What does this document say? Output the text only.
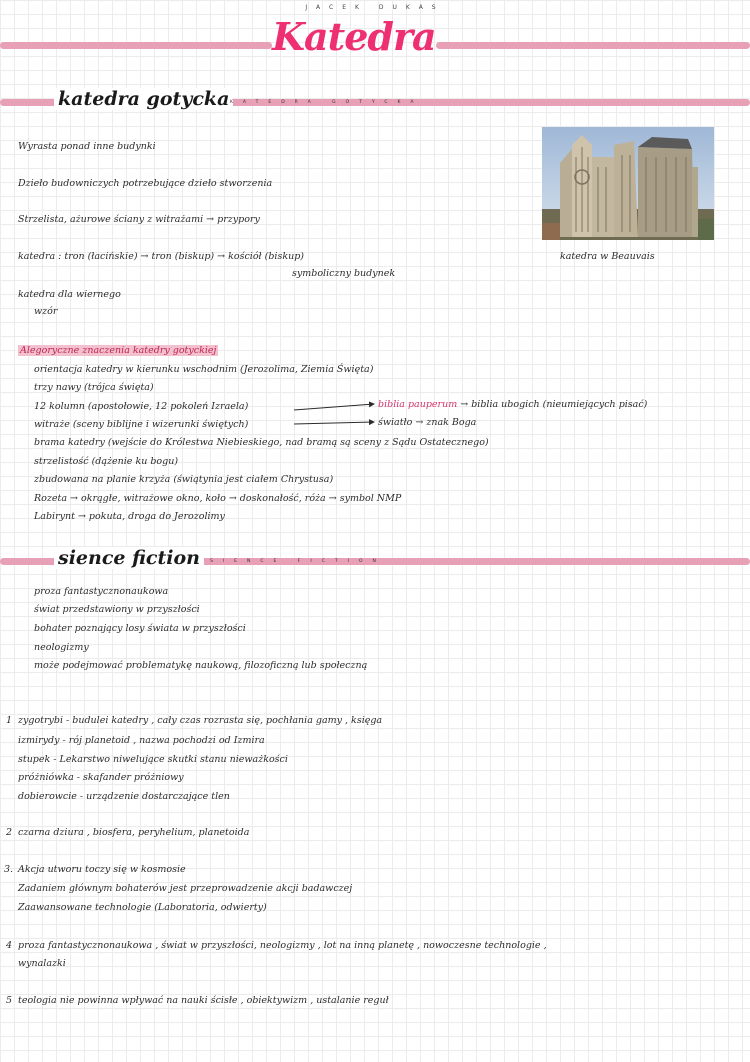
JACEK DUKAS
Katedra
katedra gotycka KATEDRA GOTYCKA
Wyrasta ponad inne budynki
Dzieło budowniczych potrzebujące dzieło stworzenia
Strzelista, ażurowe ściany z witrażami → przypory
katedra : tron (łacińskie) → tron (biskup) → kościół (biskup)
symboliczny budynek
katedra dla wiernego
wzór
katedra w Beauvais
Alegoryczne znaczenia katedry gotyckiej
orientacja katedry w kierunku wschodnim (Jerozolima, Ziemia Święta)
trzy nawy (trójca święta)
12 kolumn (apostołowie, 12 pokoleń Izraela)
witraże (sceny biblijne i wizerunki świętych)
brama katedry (wejście do Królestwa Niebieskiego, nad bramą są sceny z Sądu Ostatecznego)
strzelistość (dążenie ku bogu)
zbudowana na planie krzyża (świątynia jest ciałem Chrystusa)
Rozeta → okrągłe, witrażowe okno, koło → doskonałość, róża → symbol NMP
Labirynt → pokuta, droga do Jerozolimy
biblia pauperum → biblia ubogich (nieumiejących pisać)
światło → znak Boga
sience fiction	SIENCE FICTION
proza fantastycznonaukowa
świat przedstawiony w przyszłości
bohater poznający losy świata w przyszłości
neologizmy
może podejmować problematykę naukową, filozoficzną lub społeczną
1 zygotrybi - budulei katedry , cały czas rozrasta się, pochłania gamy , księga
izmirydy - rój planetoid , nazwa pochodzi od Izmira
stupek - Lekarstwo niwelujące skutki stanu nieważkości
próżniówka - skafander próżniowy
dobierowcie - urządzenie dostarczające tlen
2 czarna dziura , biosfera, peryhelium, planetoida
3. Akcja utworu toczy się w kosmosie
Zadaniem głównym bohaterów jest przeprowadzenie akcji badawczej
Zaawansowane technologie (Laboratoria, odwierty)
4 proza fantastycznonaukowa , świat w przyszłości, neologizmy , lot na inną planetę , nowoczesne technologie ,
wynalazki
5 teologia nie powinna wpływać na nauki ścisłe , obiektywizm , ustalanie reguł
